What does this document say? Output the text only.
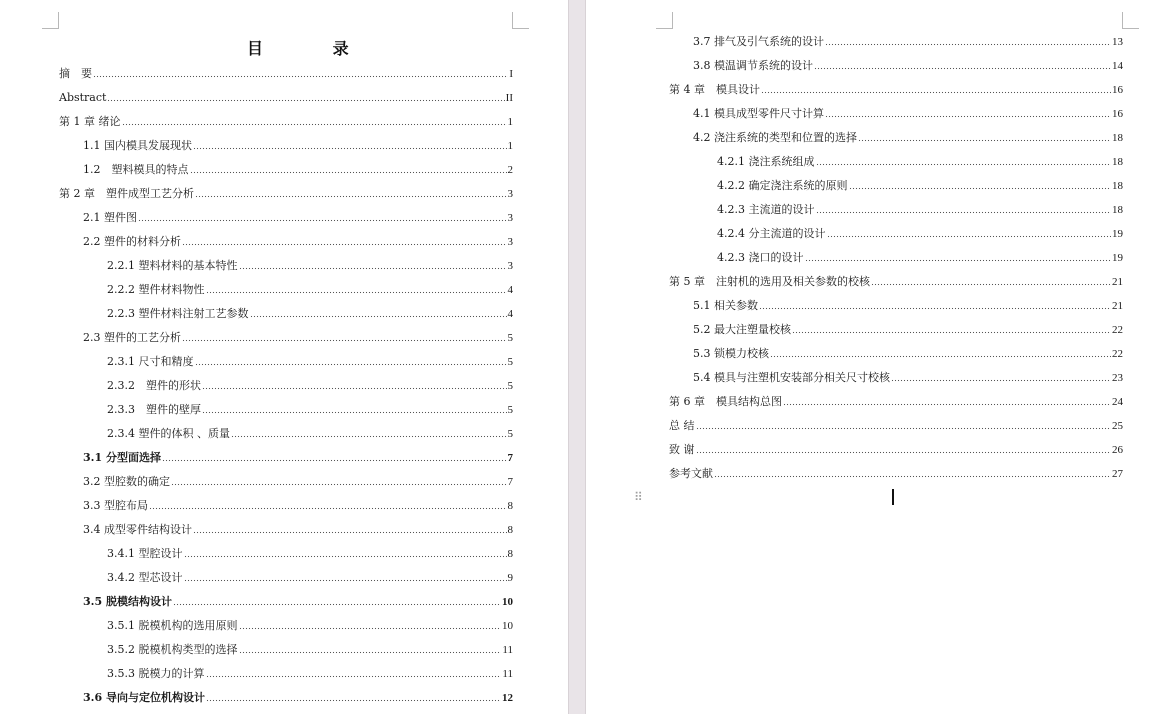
目 录
摘　要	I
Abstract	II
第 1 章 绪论	1
1.1 国内模具发展现状	1
1.2　塑料模具的特点	2
第 2 章　塑件成型工艺分析	3
2.1 塑件图	3
2.2 塑件的材料分析	3
2.2.1 塑料材料的基本特性	3
2.2.2 塑件材料物性	4
2.2.3 塑件材料注射工艺参数	4
2.3 塑件的工艺分析	5
2.3.1 尺寸和精度	5
2.3.2　塑件的形状	5
2.3.3　塑件的壁厚	5
2.3.4 塑件的体积 、质量	5
3.1 分型面选择	7
3.2 型腔数的确定	7
3.3 型腔布局	8
3.4 成型零件结构设计	8
3.4.1 型腔设计	8
3.4.2 型芯设计	9
3.5 脱模结构设计	10
3.5.1 脱模机构的选用原则	10
3.5.2 脱模机构类型的选择	11
3.5.3 脱模力的计算	11
3.6 导向与定位机构设计	12
3.7 排气及引气系统的设计	13
3.8 模温调节系统的设计	14
第 4 章　模具设计	16
4.1 模具成型零件尺寸计算	16
4.2 浇注系统的类型和位置的选择	18
4.2.1 浇注系统组成	18
4.2.2 确定浇注系统的原则	18
4.2.3 主流道的设计	18
4.2.4 分主流道的设计	19
4.2.3 浇口的设计	19
第 5 章　注射机的选用及相关参数的校核	21
5.1 相关参数	21
5.2 最大注塑量校核	22
5.3 锁模力校核	22
5.4 模具与注塑机安装部分相关尺寸校核	23
第 6 章　模具结构总图	24
总 结	25
致 谢	26
参考文献	27
⠿
